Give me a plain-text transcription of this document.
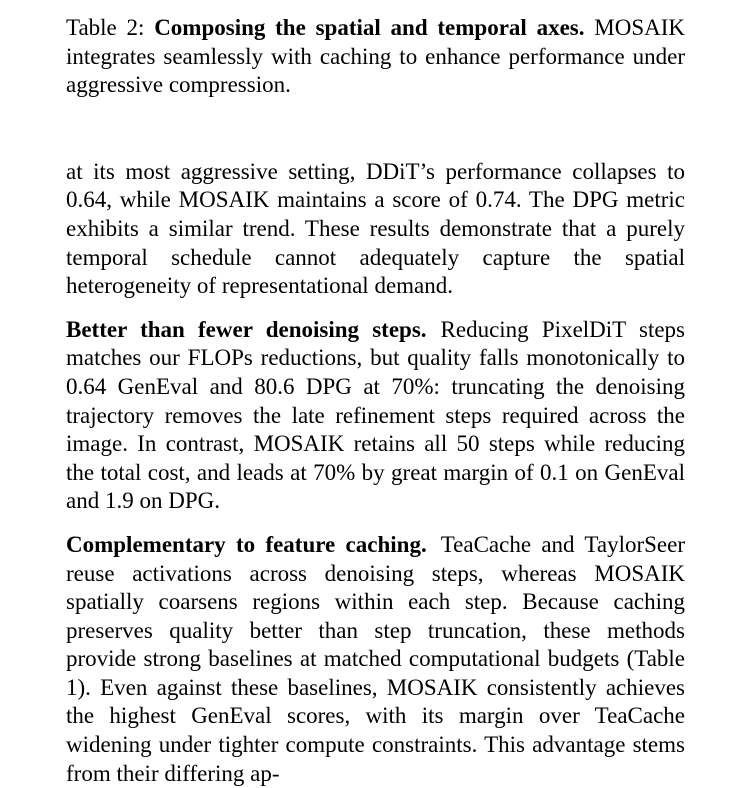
Table 2: Composing the spatial and temporal axes. MOSAIK integrates seamlessly with caching to enhance performance under aggressive compression.

at its most aggressive setting, DDiT’s performance collapses to 0.64, while MOSAIK maintains a score of 0.74. The DPG metric exhibits a similar trend. These results demonstrate that a purely temporal schedule cannot adequately capture the spatial heterogeneity of representational demand.

Better than fewer denoising steps. Reducing PixelDiT steps matches our FLOPs reductions, but quality falls monotonically to 0.64 GenEval and 80.6 DPG at 70%: truncating the denoising trajectory removes the late refinement steps required across the image. In contrast, MOSAIK retains all 50 steps while reducing the total cost, and leads at 70% by great margin of 0.1 on GenEval and 1.9 on DPG.

Complementary to feature caching. TeaCache and TaylorSeer reuse activations across denoising steps, whereas MOSAIK spatially coarsens regions within each step. Because caching preserves quality better than step truncation, these methods provide strong baselines at matched computational budgets (Table 1). Even against these baselines, MOSAIK consistently achieves the highest GenEval scores, with its margin over TeaCache widening under tighter compute constraints. This advantage stems from their differing ap-
